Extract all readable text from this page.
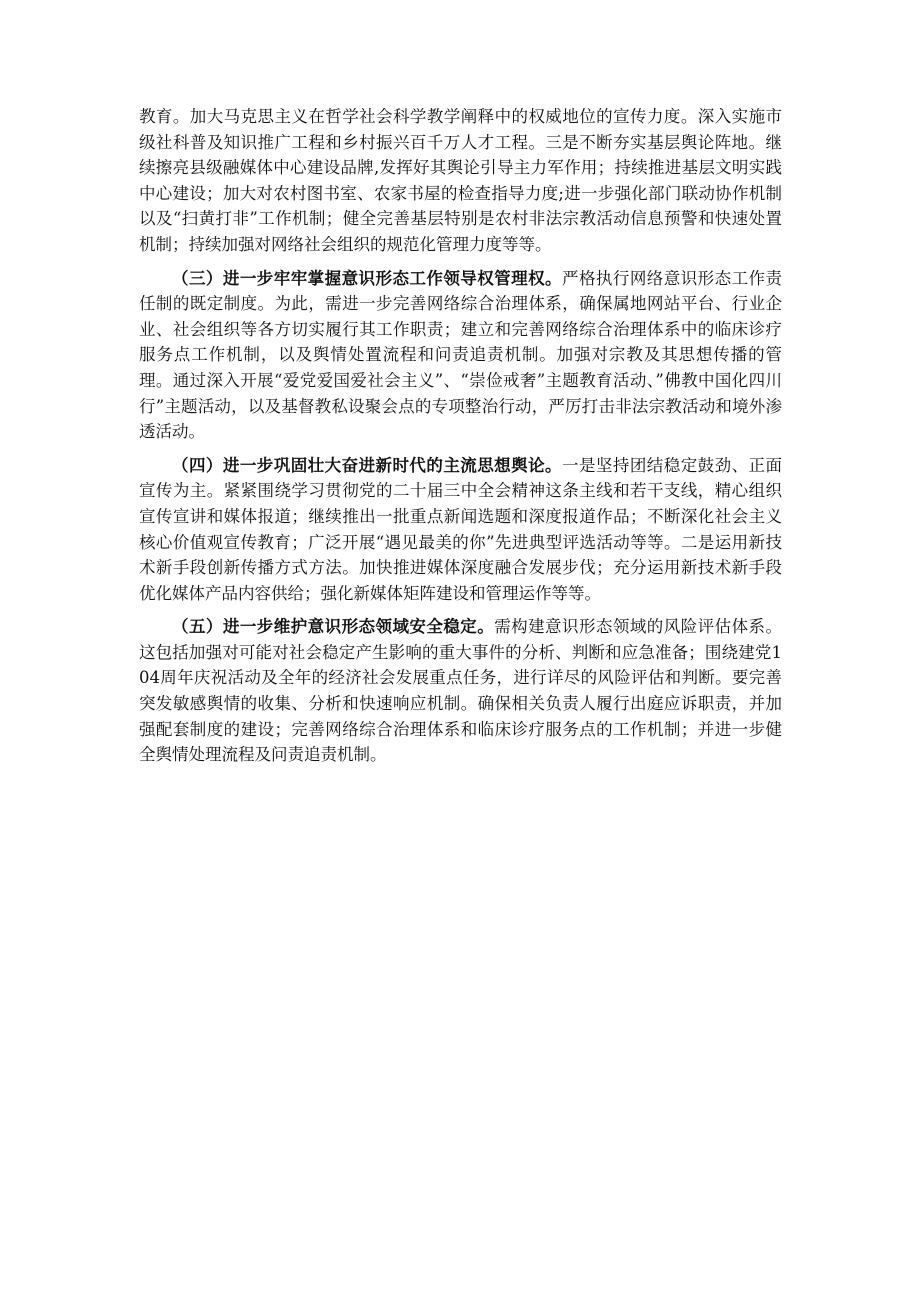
教育。加大马克思主义在哲学社会科学教学阐释中的权威地位的宣传力度。深入实施市级社科普及知识推广工程和乡村振兴百千万人才工程。三是不断夯实基层舆论阵地。继续擦亮县级融媒体中心建设品牌,发挥好其舆论引导主力军作用；持续推进基层文明实践中心建设；加大对农村图书室、农家书屋的检查指导力度;进一步强化部门联动协作机制以及“扫黄打非”工作机制；健全完善基层特别是农村非法宗教活动信息预警和快速处置机制；持续加强对网络社会组织的规范化管理力度等等。

（三）进一步牢牢掌握意识形态工作领导权管理权。严格执行网络意识形态工作责任制的既定制度。为此，需进一步完善网络综合治理体系，确保属地网站平台、行业企业、社会组织等各方切实履行其工作职责；建立和完善网络综合治理体系中的临床诊疗服务点工作机制，以及舆情处置流程和问责追责机制。加强对宗教及其思想传播的管理。通过深入开展“爱党爱国爱社会主义”、“崇俭戒奢”主题教育活动、”佛教中国化四川行”主题活动，以及基督教私设聚会点的专项整治行动，严厉打击非法宗教活动和境外渗透活动。

（四）进一步巩固壮大奋进新时代的主流思想舆论。一是坚持团结稳定鼓劲、正面宣传为主。紧紧围绕学习贯彻党的二十届三中全会精神这条主线和若干支线，精心组织宣传宣讲和媒体报道；继续推出一批重点新闻选题和深度报道作品；不断深化社会主义核心价值观宣传教育；广泛开展“遇见最美的你”先进典型评选活动等等。二是运用新技术新手段创新传播方式方法。加快推进媒体深度融合发展步伐；充分运用新技术新手段优化媒体产品内容供给；强化新媒体矩阵建设和管理运作等等。

（五）进一步维护意识形态领域安全稳定。需构建意识形态领域的风险评估体系。这包括加强对可能对社会稳定产生影响的重大事件的分析、判断和应急准备；围绕建党104周年庆祝活动及全年的经济社会发展重点任务，进行详尽的风险评估和判断。要完善突发敏感舆情的收集、分析和快速响应机制。确保相关负责人履行出庭应诉职责，并加强配套制度的建设；完善网络综合治理体系和临床诊疗服务点的工作机制；并进一步健全舆情处理流程及问责追责机制。
